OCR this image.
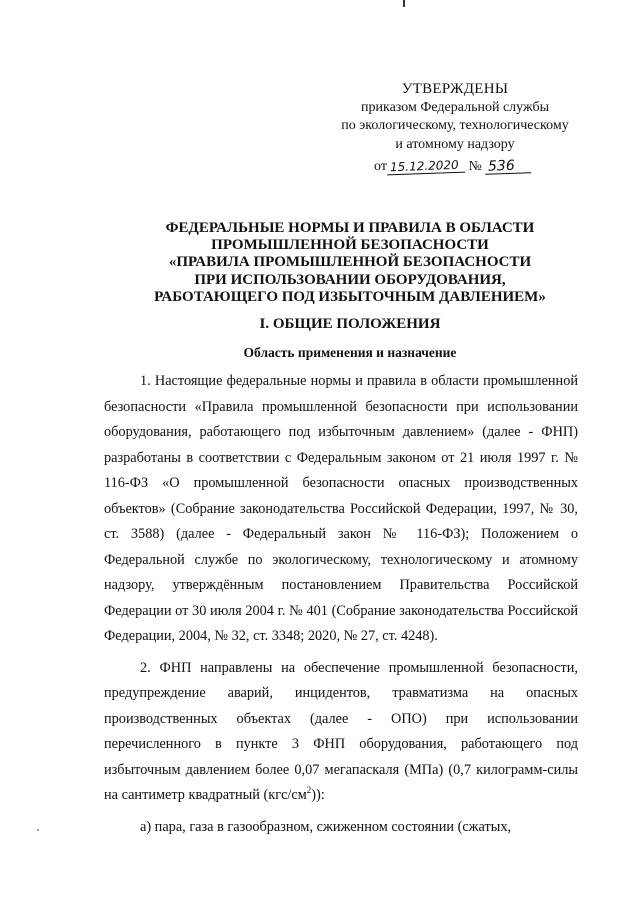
УТВЕРЖДЕНЫ
приказом Федеральной службы
по экологическому, технологическому
и атомному надзору
от 15.12.2020 № 536
ФЕДЕРАЛЬНЫЕ НОРМЫ И ПРАВИЛА В ОБЛАСТИ
ПРОМЫШЛЕННОЙ БЕЗОПАСНОСТИ
«ПРАВИЛА ПРОМЫШЛЕННОЙ БЕЗОПАСНОСТИ
ПРИ ИСПОЛЬЗОВАНИИ ОБОРУДОВАНИЯ,
РАБОТАЮЩЕГО ПОД ИЗБЫТОЧНЫМ ДАВЛЕНИЕМ»
I. ОБЩИЕ ПОЛОЖЕНИЯ
Область применения и назначение

1. Настоящие федеральные нормы и правила в области промышленной безопасности «Правила промышленной безопасности при использовании оборудования, работающего под избыточным давлением» (далее - ФНП) разработаны в соответствии с Федеральным законом от 21 июля 1997 г. № 116-ФЗ «О промышленной безопасности опасных производственных объектов» (Собрание законодательства Российской Федерации, 1997, № 30, ст. 3588) (далее - Федеральный закон № 116-ФЗ); Положением о Федеральной службе по экологическому, технологическому и атомному надзору, утверждённым постановлением Правительства Российской Федерации от 30 июля 2004 г. № 401 (Собрание законодательства Российской Федерации, 2004, № 32, ст. 3348; 2020, № 27, ст. 4248).

2. ФНП направлены на обеспечение промышленной безопасности, предупреждение аварий, инцидентов, травматизма на опасных производственных объектах (далее - ОПО) при использовании перечисленного в пункте 3 ФНП оборудования, работающего под избыточным давлением более 0,07 мегапаскаля (МПа) (0,7 килограмм-силы на сантиметр квадратный $(кгс/см^2)$):

а) пара, газа в газообразном, сжиженном состоянии (сжатых,
